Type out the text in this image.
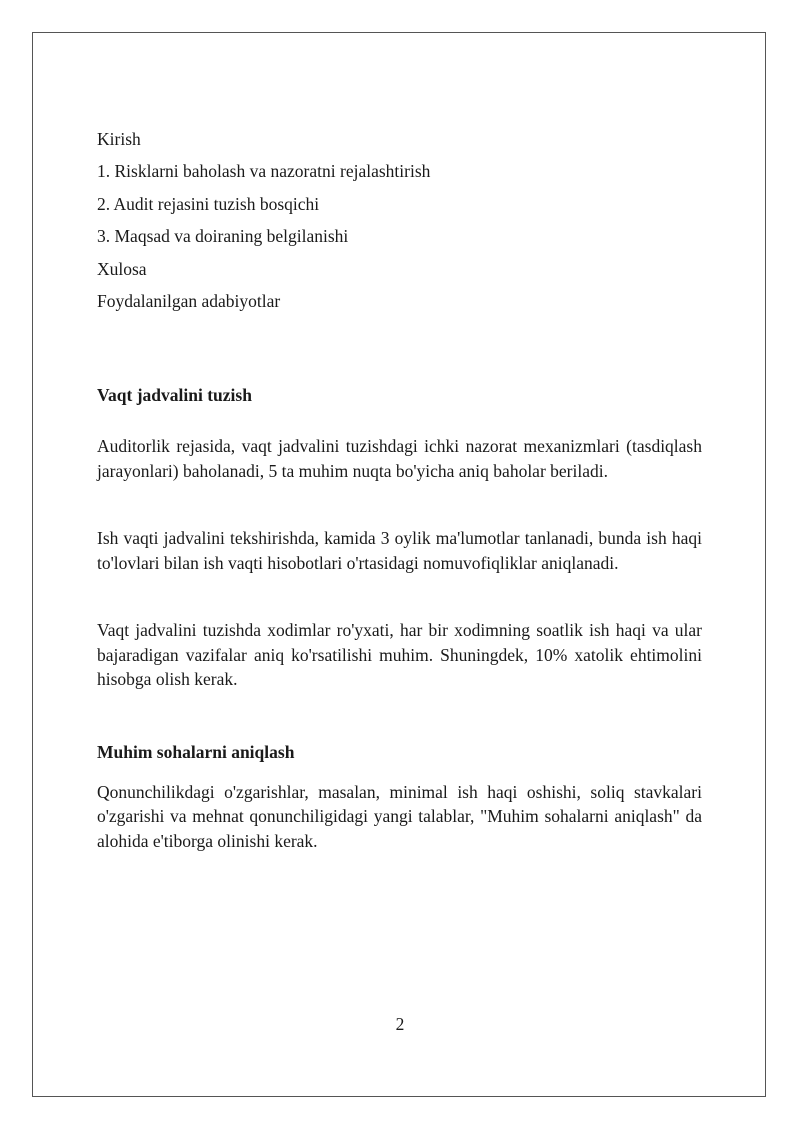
Kirish

1. Risklarni baholash va nazoratni rejalashtirish

2. Audit rejasini tuzish bosqichi

3. Maqsad va doiraning belgilanishi

Xulosa

Foydalanilgan adabiyotlar

Vaqt jadvalini tuzish

Auditorlik rejasida, vaqt jadvalini tuzishdagi ichki nazorat mexanizmlari (tasdiqlash jarayonlari) baholanadi, 5 ta muhim nuqta bo'yicha aniq baholar beriladi.

Ish vaqti jadvalini tekshirishda, kamida 3 oylik ma'lumotlar tanlanadi, bunda ish haqi to'lovlari bilan ish vaqti hisobotlari o'rtasidagi nomuvofiqliklar aniqlanadi.

Vaqt jadvalini tuzishda xodimlar ro'yxati, har bir xodimning soatlik ish haqi va ular bajaradigan vazifalar aniq ko'rsatilishi muhim. Shuningdek, 10% xatolik ehtimolini hisobga olish kerak.

Muhim sohalarni aniqlash

Qonunchilikdagi o'zgarishlar, masalan, minimal ish haqi oshishi, soliq stavkalari o'zgarishi va mehnat qonunchiligidagi yangi talablar, "Muhim sohalarni aniqlash" da alohida e'tiborga olinishi kerak.

2
